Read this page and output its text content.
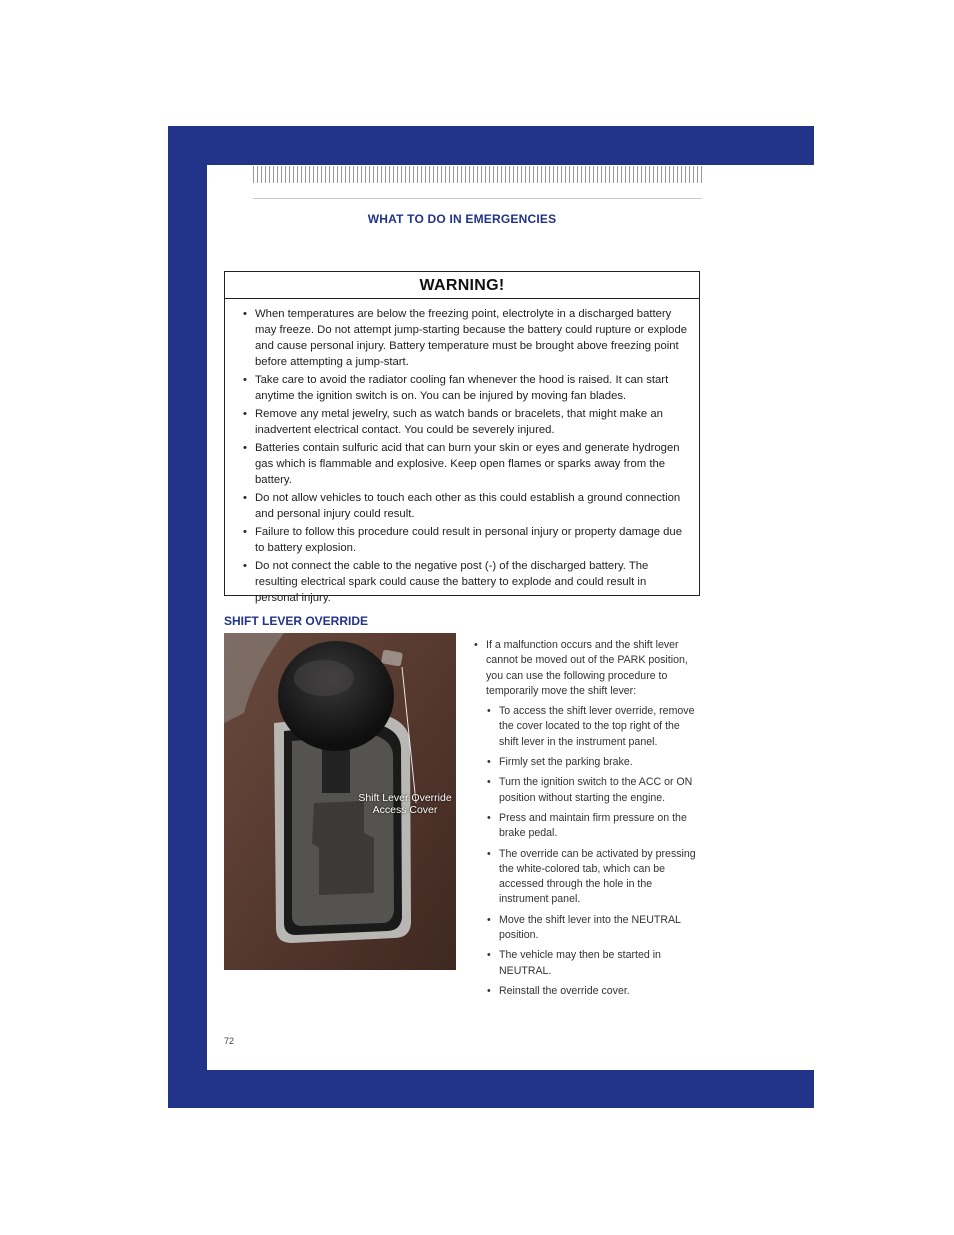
WHAT TO DO IN EMERGENCIES
WARNING!
• When temperatures are below the freezing point, electrolyte in a discharged battery may freeze. Do not attempt jump-starting because the battery could rupture or explode and cause personal injury. Battery temperature must be brought above freezing point before attempting a jump-start.
• Take care to avoid the radiator cooling fan whenever the hood is raised. It can start anytime the ignition switch is on. You can be injured by moving fan blades.
• Remove any metal jewelry, such as watch bands or bracelets, that might make an inadvertent electrical contact. You could be severely injured.
• Batteries contain sulfuric acid that can burn your skin or eyes and generate hydrogen gas which is flammable and explosive. Keep open flames or sparks away from the battery.
• Do not allow vehicles to touch each other as this could establish a ground connection and personal injury could result.
• Failure to follow this procedure could result in personal injury or property damage due to battery explosion.
• Do not connect the cable to the negative post (-) of the discharged battery. The resulting electrical spark could cause the battery to explode and could result in personal injury.
SHIFT LEVER OVERRIDE
Shift Lever Override Access Cover

• If a malfunction occurs and the shift lever cannot be moved out of the PARK position, you can use the following procedure to temporarily move the shift lever:

• To access the shift lever override, remove the cover located to the top right of the shift lever in the instrument panel.
• Firmly set the parking brake.
• Turn the ignition switch to the ACC or ON position without starting the engine.
• Press and maintain firm pressure on the brake pedal.
• The override can be activated by pressing the white-colored tab, which can be accessed through the hole in the instrument panel.
• Move the shift lever into the NEUTRAL position.
• The vehicle may then be started in NEUTRAL.
• Reinstall the override cover.
72
